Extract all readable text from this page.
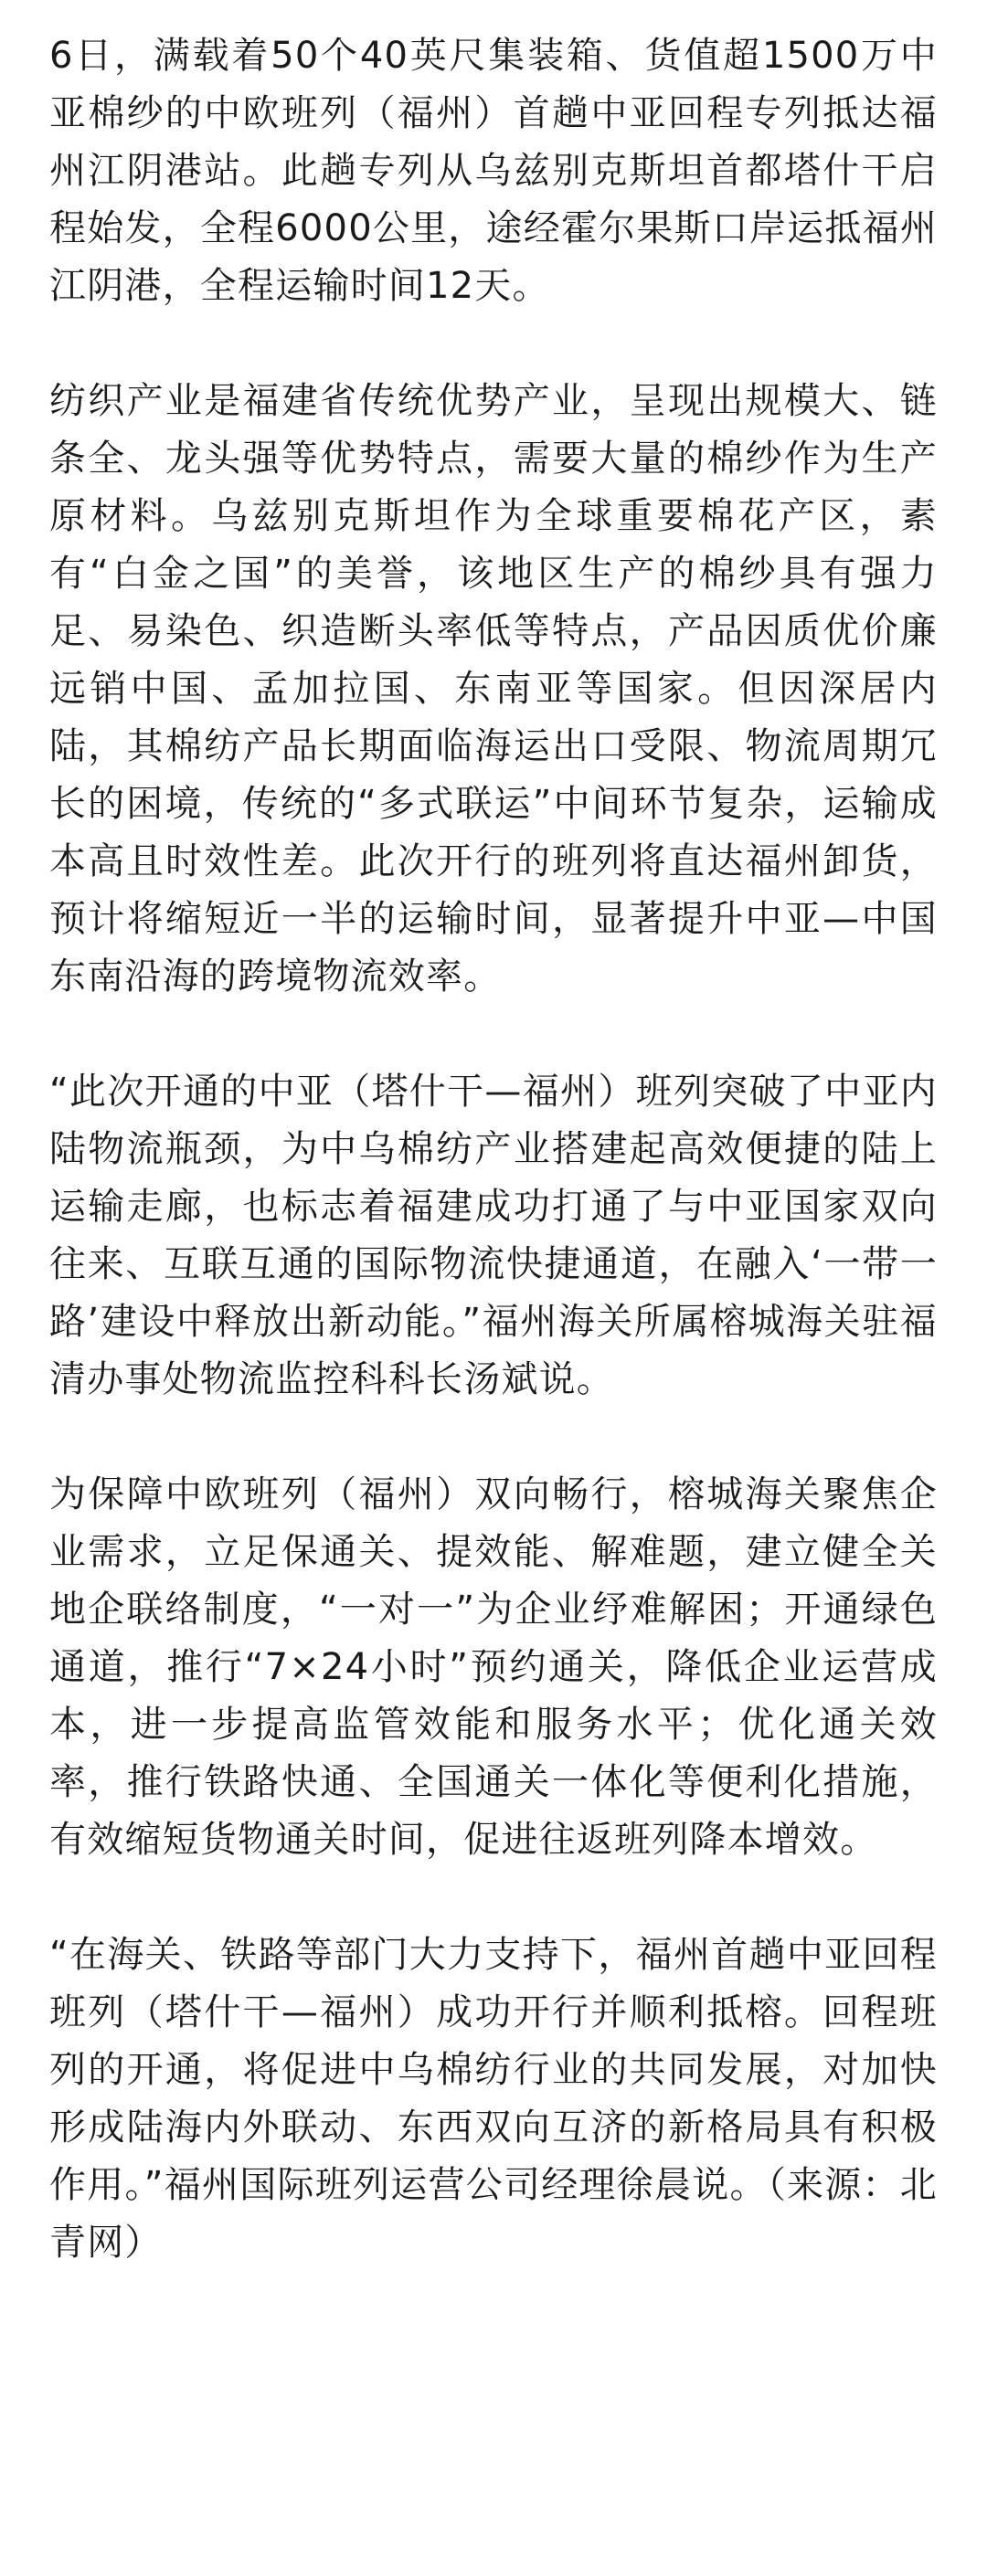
6日，满载着50个40英尺集装箱、货值超1500万中亚棉纱的中欧班列（福州）首趟中亚回程专列抵达福州江阴港站。此趟专列从乌兹别克斯坦首都塔什干启程始发，全程6000公里，途经霍尔果斯口岸运抵福州江阴港，全程运输时间12天。

纺织产业是福建省传统优势产业，呈现出规模大、链条全、龙头强等优势特点，需要大量的棉纱作为生产原材料。乌兹别克斯坦作为全球重要棉花产区，素有“白金之国”的美誉，该地区生产的棉纱具有强力足、易染色、织造断头率低等特点，产品因质优价廉远销中国、孟加拉国、东南亚等国家。但因深居内陆，其棉纺产品长期面临海运出口受限、物流周期冗长的困境，传统的“多式联运”中间环节复杂，运输成本高且时效性差。此次开行的班列将直达福州卸货，预计将缩短近一半的运输时间，显著提升中亚—中国东南沿海的跨境物流效率。

“此次开通的中亚（塔什干—福州）班列突破了中亚内陆物流瓶颈，为中乌棉纺产业搭建起高效便捷的陆上运输走廊，也标志着福建成功打通了与中亚国家双向往来、互联互通的国际物流快捷通道，在融入‘一带一路’建设中释放出新动能。”福州海关所属榕城海关驻福清办事处物流监控科科长汤斌说。

为保障中欧班列（福州）双向畅行，榕城海关聚焦企业需求，立足保通关、提效能、解难题，建立健全关地企联络制度，“一对一”为企业纾难解困；开通绿色通道，推行“7×24小时”预约通关，降低企业运营成本，进一步提高监管效能和服务水平；优化通关效率，推行铁路快通、全国通关一体化等便利化措施，有效缩短货物通关时间，促进往返班列降本增效。

“在海关、铁路等部门大力支持下，福州首趟中亚回程班列（塔什干—福州）成功开行并顺利抵榕。回程班列的开通，将促进中乌棉纺行业的共同发展，对加快形成陆海内外联动、东西双向互济的新格局具有积极作用。”福州国际班列运营公司经理徐晨说。（来源：北青网）
